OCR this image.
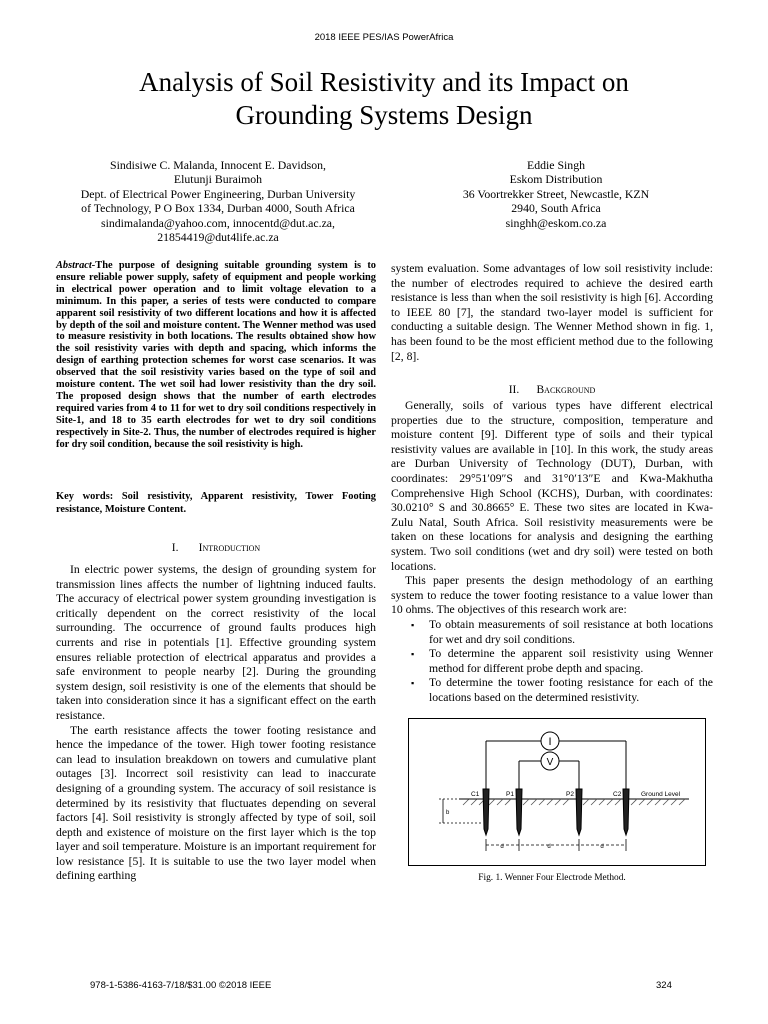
2018 IEEE PES/IAS PowerAfrica
Analysis of Soil Resistivity and its Impact on
Grounding Systems Design
Sindisiwe C. Malanda, Innocent E. Davidson,
Elutunji Buraimoh
Dept. of Electrical Power Engineering, Durban University
of Technology, P O Box 1334, Durban 4000, South Africa
sindimalanda@yahoo.com, innocentd@dut.ac.za,
21854419@dut4life.ac.za
Eddie Singh
Eskom Distribution
36 Voortrekker Street, Newcastle, KZN
2940, South Africa
singhh@eskom.co.za
Abstract-The purpose of designing suitable grounding system is to ensure reliable power supply, safety of equipment and people working in electrical power operation and to limit voltage elevation to a minimum. In this paper, a series of tests were conducted to compare apparent soil resistivity of two different locations and how it is affected by depth of the soil and moisture content. The Wenner method was used to measure resistivity in both locations. The results obtained show how the soil resistivity varies with depth and spacing, which informs the design of earthing protection schemes for worst case scenarios. It was observed that the soil resistivity varies based on the type of soil and moisture content. The wet soil had lower resistivity than the dry soil. The proposed design shows that the number of earth electrodes required varies from 4 to 11 for wet to dry soil conditions respectively in Site-1, and 18 to 35 earth electrodes for wet to dry soil conditions respectively in Site-2. Thus, the number of electrodes required is higher for dry soil condition, because the soil resistivity is high.
Key words: Soil resistivity, Apparent resistivity, Tower Footing resistance, Moisture Content.
I. Introduction

In electric power systems, the design of grounding system for transmission lines affects the number of lightning induced faults. The accuracy of electrical power system grounding investigation is critically dependent on the correct resistivity of the local surrounding. The occurrence of ground faults produces high currents and rise in potentials [1]. Effective grounding system ensures reliable protection of electrical apparatus and provides a safe environment to people nearby [2]. During the grounding system design, soil resistivity is one of the elements that should be taken into consideration since it has a significant effect on the earth resistance.

The earth resistance affects the tower footing resistance and hence the impedance of the tower. High tower footing resistance can lead to insulation breakdown on towers and cumulative plant outages [3]. Incorrect soil resistivity can lead to inaccurate designing of a grounding system. The accuracy of soil resistance is determined by its resistivity that fluctuates depending on several factors [4]. Soil resistivity is strongly affected by type of soil, soil depth and existence of moisture on the first layer which is the top layer and soil temperature. Moisture is an important requirement for low resistance [5]. It is suitable to use the two layer model when defining earthing

system evaluation. Some advantages of low soil resistivity include: the number of electrodes required to achieve the desired earth resistance is less than when the soil resistivity is high [6]. According to IEEE 80 [7], the standard two-layer model is sufficient for conducting a suitable design. The Wenner Method shown in fig. 1, has been found to be the most efficient method due to the following [2, 8].

II. Background

Generally, soils of various types have different electrical properties due to the structure, composition, temperature and moisture content [9]. Different type of soils and their typical resistivity values are available in [10]. In this work, the study areas are Durban University of Technology (DUT), Durban, with coordinates: 29°51′09″S and 31°0′13″E and Kwa-Makhutha Comprehensive High School (KCHS), Durban, with coordinates: 30.0210° S and 30.8665° E. These two sites are located in Kwa-Zulu Natal, South Africa. Soil resistivity measurements were be taken on these locations for analysis and designing the earthing system. Two soil conditions (wet and dry soil) were tested on both locations.

This paper presents the design methodology of an earthing system to reduce the tower footing resistance to a value lower than 10 ohms. The objectives of this research work are:

▪ To obtain measurements of soil resistance at both locations for wet and dry soil conditions.
▪ To determine the apparent soil resistivity using Wenner method for different probe depth and spacing.
▪ To determine the tower footing resistance for each of the locations based on the determined resistivity.
I
V
Ground Level
C1	P1	P2	C2
b
d	d	d
Fig. 1. Wenner Four Electrode Method.
978-1-5386-4163-7/18/$31.00 ©2018 IEEE	324
